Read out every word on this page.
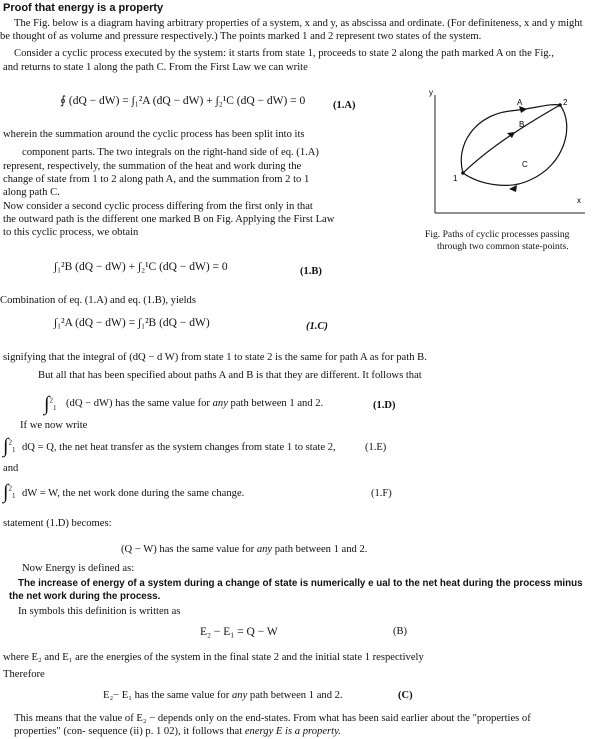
Proof that energy is a property
The Fig. below is a diagram having arbitrary properties of a system, x and y, as abscissa and ordinate. (For definiteness, x and y might
be thought of as volume and pressure respectively.) The points marked 1 and 2 represent two states of the system.
Consider a cyclic process executed by the system: it starts from state 1, proceeds to state 2 along the path marked A on the Fig.,
and returns to state 1 along the path C. From the First Law we can write
∮ (dQ − dW) = ∫₁²A (dQ − dW) + ∫₂¹C (dQ − dW) = 0	(1.A)
wherein the summation around the cyclic process has been split into its
component parts. The two integrals on the right-hand side of eq. (1.A)
represent, respectively, the summation of the heat and work during the
change of state from 1 to 2 along path A, and the summation from 2 to 1
along path C.
Now consider a second cyclic process differing from the first only in that
the outward path is the different one marked B on Fig. Applying the First Law
to this cyclic process, we obtain
y
x
1
2
A
B
C
Fig. Paths of cyclic processes passing
through two common state-points.
∫₁²B (dQ − dW) + ∫₂¹C (dQ − dW) = 0	(1.B)
Combination of eq. (1.A) and eq. (1.B), yields
∫₁²A (dQ − dW) = ∫₁²B (dQ − dW)	(1.C)
signifying that the integral of (dQ − d W) from state 1 to state 2 is the same for path A as for path B.
But all that has been specified about paths A and B is that they are different. It follows that
∫$^2_1$ (dQ − dW) has the same value for any path between 1 and 2.	(1.D)
If we now write
∫$^2_1$ dQ = Q, the net heat transfer as the system changes from state 1 to state 2,	(1.E)
and
∫$^2_1$ dW = W, the net work done during the same change.	(1.F)
statement (1.D) becomes:
(Q − W) has the same value for any path between 1 and 2.
Now Energy is defined as:
The increase of energy of a system during a change of state is numerically e ual to the net heat during the process minus
the net work during the process.
In symbols this definition is written as
E₂ − E₁ = Q − W	(B)
where E₂ and E₁ are the energies of the system in the final state 2 and the initial state 1 respectively
Therefore
E₂− E₁ has the same value for any path between 1 and 2.	(C)
This means that the value of E₂ − depends only on the end-states. From what has been said earlier about the "properties of
properties" (con- sequence (ii) p. 1 02), it follows that energy E is a property.
